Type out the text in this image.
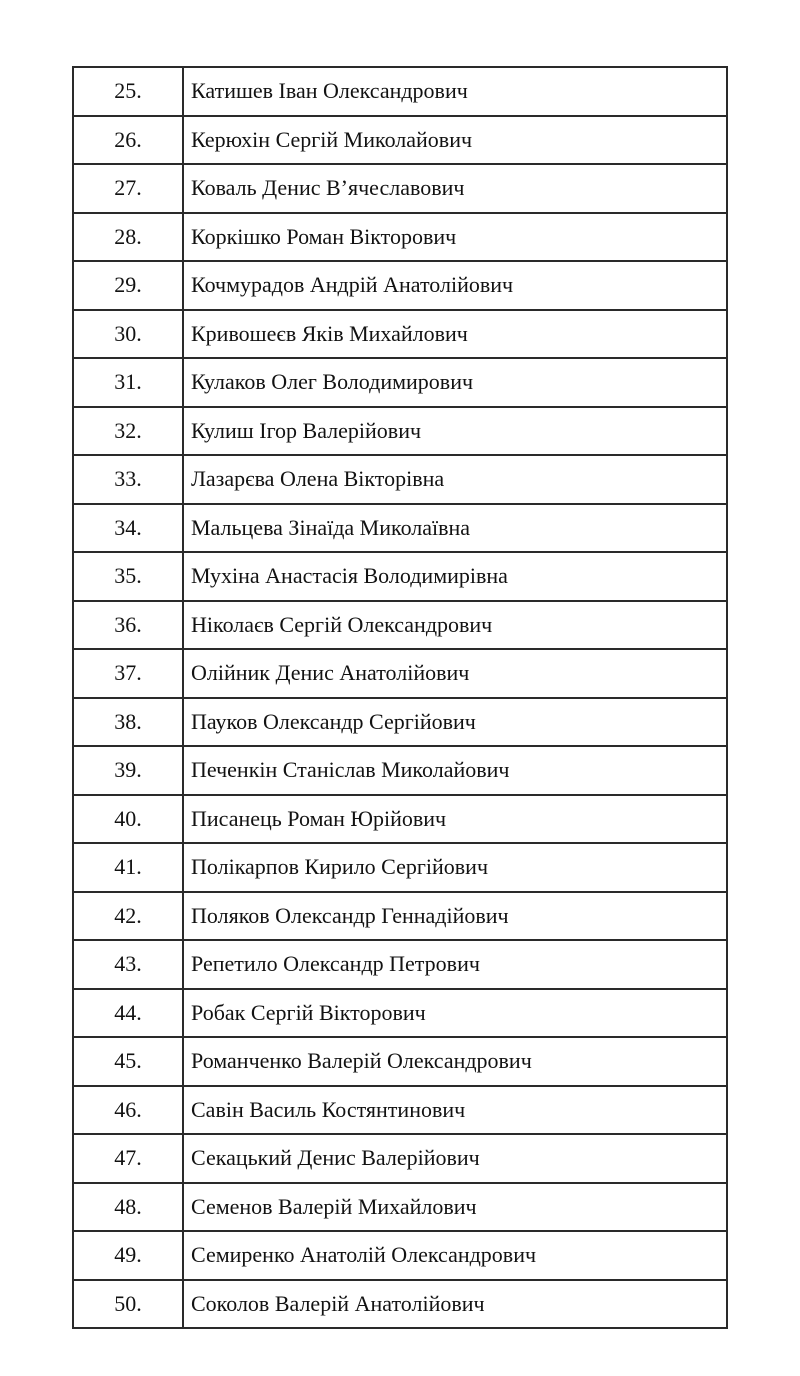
25.	Катишев Іван Олександрович
26.	Керюхін Сергій Миколайович
27.	Коваль Денис В’ячеславович
28.	Коркішко Роман Вікторович
29.	Кочмурадов Андрій Анатолійович
30.	Кривошеєв Яків Михайлович
31.	Кулаков Олег Володимирович
32.	Кулиш Ігор Валерійович
33.	Лазарєва Олена Вікторівна
34.	Мальцева Зінаїда Миколаївна
35.	Мухіна Анастасія Володимирівна
36.	Ніколаєв Сергій Олександрович
37.	Олійник Денис Анатолійович
38.	Пауков Олександр Сергійович
39.	Печенкін Станіслав Миколайович
40.	Писанець Роман Юрійович
41.	Полікарпов Кирило Сергійович
42.	Поляков Олександр Геннадійович
43.	Репетило Олександр Петрович
44.	Робак Сергій Вікторович
45.	Романченко Валерій Олександрович
46.	Савін Василь Костянтинович
47.	Секацький Денис Валерійович
48.	Семенов Валерій Михайлович
49.	Семиренко Анатолій Олександрович
50.	Соколов Валерій Анатолійович
